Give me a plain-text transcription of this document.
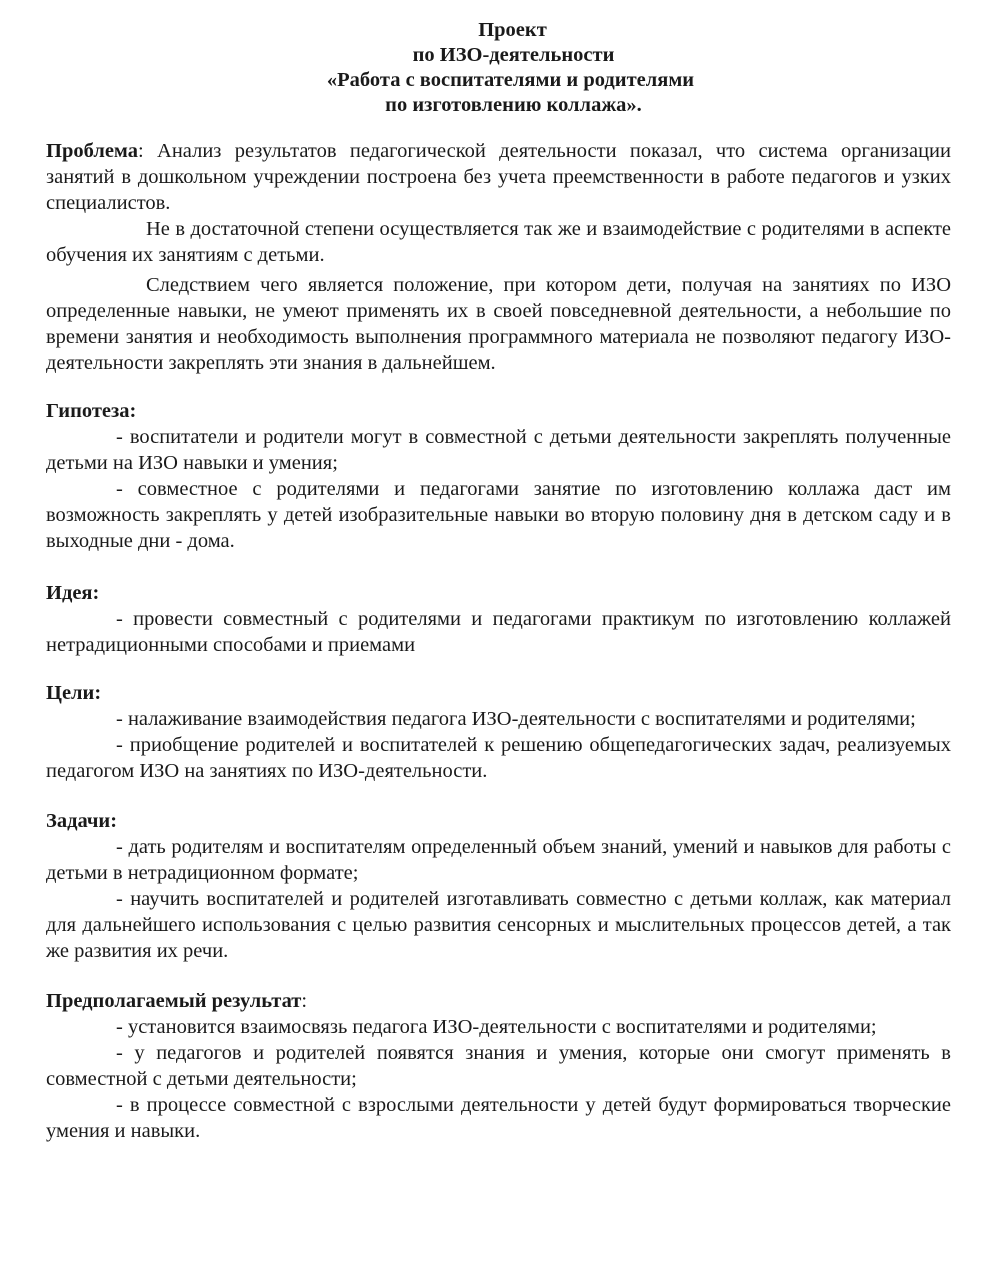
Проект
по ИЗО-деятельности
«Работа с воспитателями и родителями
по изготовлению коллажа».

Проблема: Анализ результатов педагогической деятельности показал, что система организации занятий в дошкольном учреждении построена без учета преемственности в работе педагогов и узких специалистов.

Не в достаточной степени осуществляется так же и взаимодействие с родителями в аспекте обучения их занятиям с детьми.

Следствием чего является положение, при котором дети, получая на занятиях по ИЗО определенные навыки, не умеют применять их в своей повседневной деятельности, а небольшие по времени занятия и необходимость выполнения программного материала не позволяют педагогу ИЗО-деятельности закреплять эти знания в дальнейшем.

Гипотеза:

- воспитатели и родители могут в совместной с детьми деятельности закреплять полученные детьми на ИЗО навыки и умения;

- совместное с родителями и педагогами занятие по изготовлению коллажа даст им возможность закреплять у детей изобразительные навыки во вторую половину дня в детском саду и в выходные дни - дома.

Идея:

- провести совместный с родителями и педагогами практикум по изготовлению коллажей нетрадиционными способами и приемами

Цели:

- налаживание взаимодействия педагога ИЗО-деятельности с воспитателями и родителями;

- приобщение родителей и воспитателей к решению общепедагогических задач, реализуемых педагогом ИЗО на занятиях по ИЗО-деятельности.

Задачи:

- дать родителям и воспитателям определенный объем знаний, умений и навыков для работы с детьми в нетрадиционном формате;

- научить воспитателей и родителей изготавливать совместно с детьми коллаж, как материал для дальнейшего использования с целью развития сенсорных и мыслительных процессов детей, а так же развития их речи.

Предполагаемый результат:

- установится взаимосвязь педагога ИЗО-деятельности с воспитателями и родителями;

- у педагогов и родителей появятся знания и умения, которые они смогут применять в совместной с детьми деятельности;

- в процессе совместной с взрослыми деятельности у детей будут формироваться творческие умения и навыки.
